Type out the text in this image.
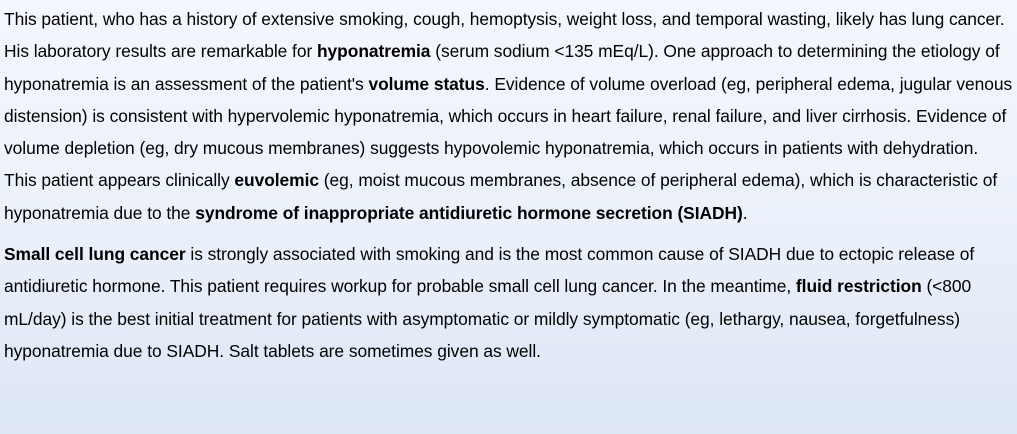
This patient, who has a history of extensive smoking, cough, hemoptysis, weight loss, and temporal wasting, likely has lung cancer. His laboratory results are remarkable for hyponatremia (serum sodium <135 mEq/L). One approach to determining the etiology of hyponatremia is an assessment of the patient's volume status. Evidence of volume overload (eg, peripheral edema, jugular venous distension) is consistent with hypervolemic hyponatremia, which occurs in heart failure, renal failure, and liver cirrhosis. Evidence of volume depletion (eg, dry mucous membranes) suggests hypovolemic hyponatremia, which occurs in patients with dehydration. This patient appears clinically euvolemic (eg, moist mucous membranes, absence of peripheral edema), which is characteristic of hyponatremia due to the syndrome of inappropriate antidiuretic hormone secretion (SIADH).

Small cell lung cancer is strongly associated with smoking and is the most common cause of SIADH due to ectopic release of antidiuretic hormone. This patient requires workup for probable small cell lung cancer. In the meantime, fluid restriction (<800 mL/day) is the best initial treatment for patients with asymptomatic or mildly symptomatic (eg, lethargy, nausea, forgetfulness) hyponatremia due to SIADH. Salt tablets are sometimes given as well.
